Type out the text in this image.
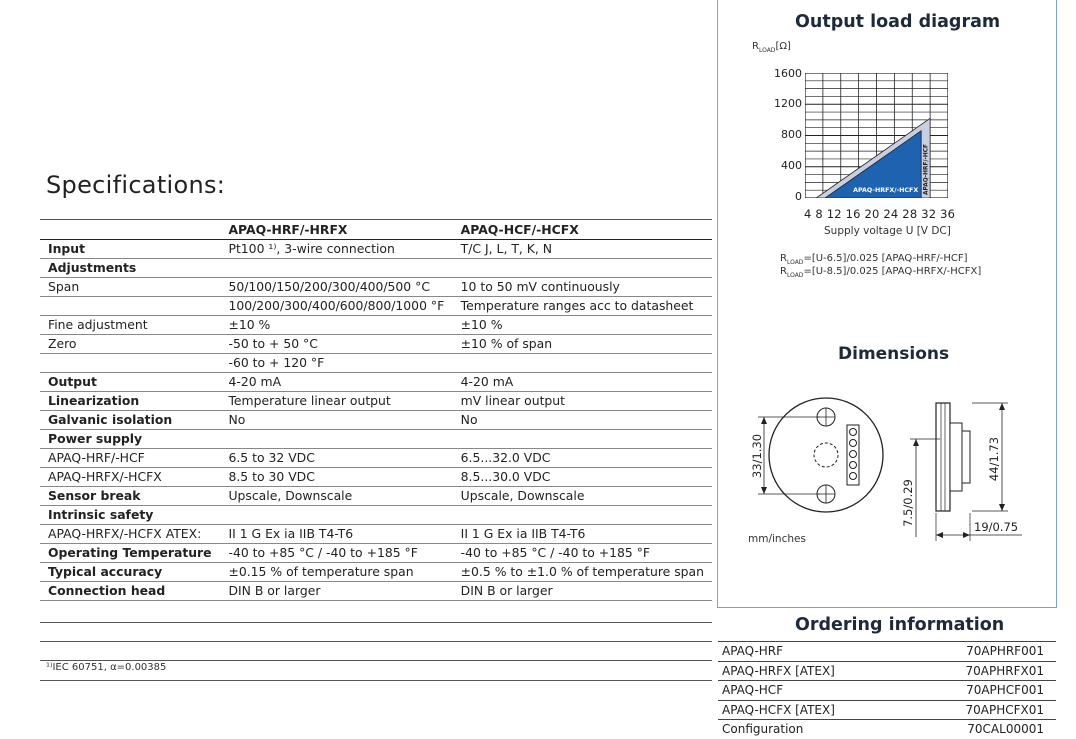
Specifications:
	APAQ-HRF/-HRFX	APAQ-HCF/-HCFX
Input	Pt100 ¹⁾, 3-wire connection	T/C J, L, T, K, N
Adjustments		
Span	50/100/150/200/300/400/500 °C	10 to 50 mV continuously
	100/200/300/400/600/800/1000 °F	Temperature ranges acc to datasheet
Fine adjustment	±10 %	±10 %
Zero	-50 to + 50 °C	±10 % of span
	-60 to + 120 °F	
Output	4-20 mA	4-20 mA
Linearization	Temperature linear output	mV linear output
Galvanic isolation	No	No
Power supply		
APAQ-HRF/-HCF	6.5 to 32 VDC	6.5...32.0 VDC
APAQ-HRFX/-HCFX	8.5 to 30 VDC	8.5...30.0 VDC
Sensor break	Upscale, Downscale	Upscale, Downscale
Intrinsic safety		
APAQ-HRFX/-HCFX ATEX:	II 1 G Ex ia IIB T4-T6	II 1 G Ex ia IIB T4-T6
Operating Temperature	-40 to +85 °C / -40 to +185 °F	-40 to +85 °C / -40 to +185 °F
Typical accuracy	±0.15 % of temperature span	±0.5 % to ±1.0 % of temperature span
Connection head	DIN B or larger	DIN B or larger
¹⁾IEC 60751, α=0.00385
Output load diagram
$R_{LOAD}[\Omega]$
1600
1200
800
400
0	APAQ-HRFX/-HCFX APAQ-HRF/-HCF
4 8 12 16 20 24 28 32 36
Supply voltage U [V DC]
$R_{LOAD}=[U-6.5]/0.025$ [APAQ-HRF/-HCF]
$R_{LOAD}=[U-8.5]/0.025$ [APAQ-HRFX/-HCFX]
Dimensions
33/1.30	44/1.73
7.5/0.29
19/0.75
mm/inches
Ordering information
APAQ-HRF	70APHRF001
APAQ-HRFX [ATEX]	70APHRFX01
APAQ-HCF	70APHCF001
APAQ-HCFX [ATEX]	70APHCFX01
Configuration	70CAL00001
